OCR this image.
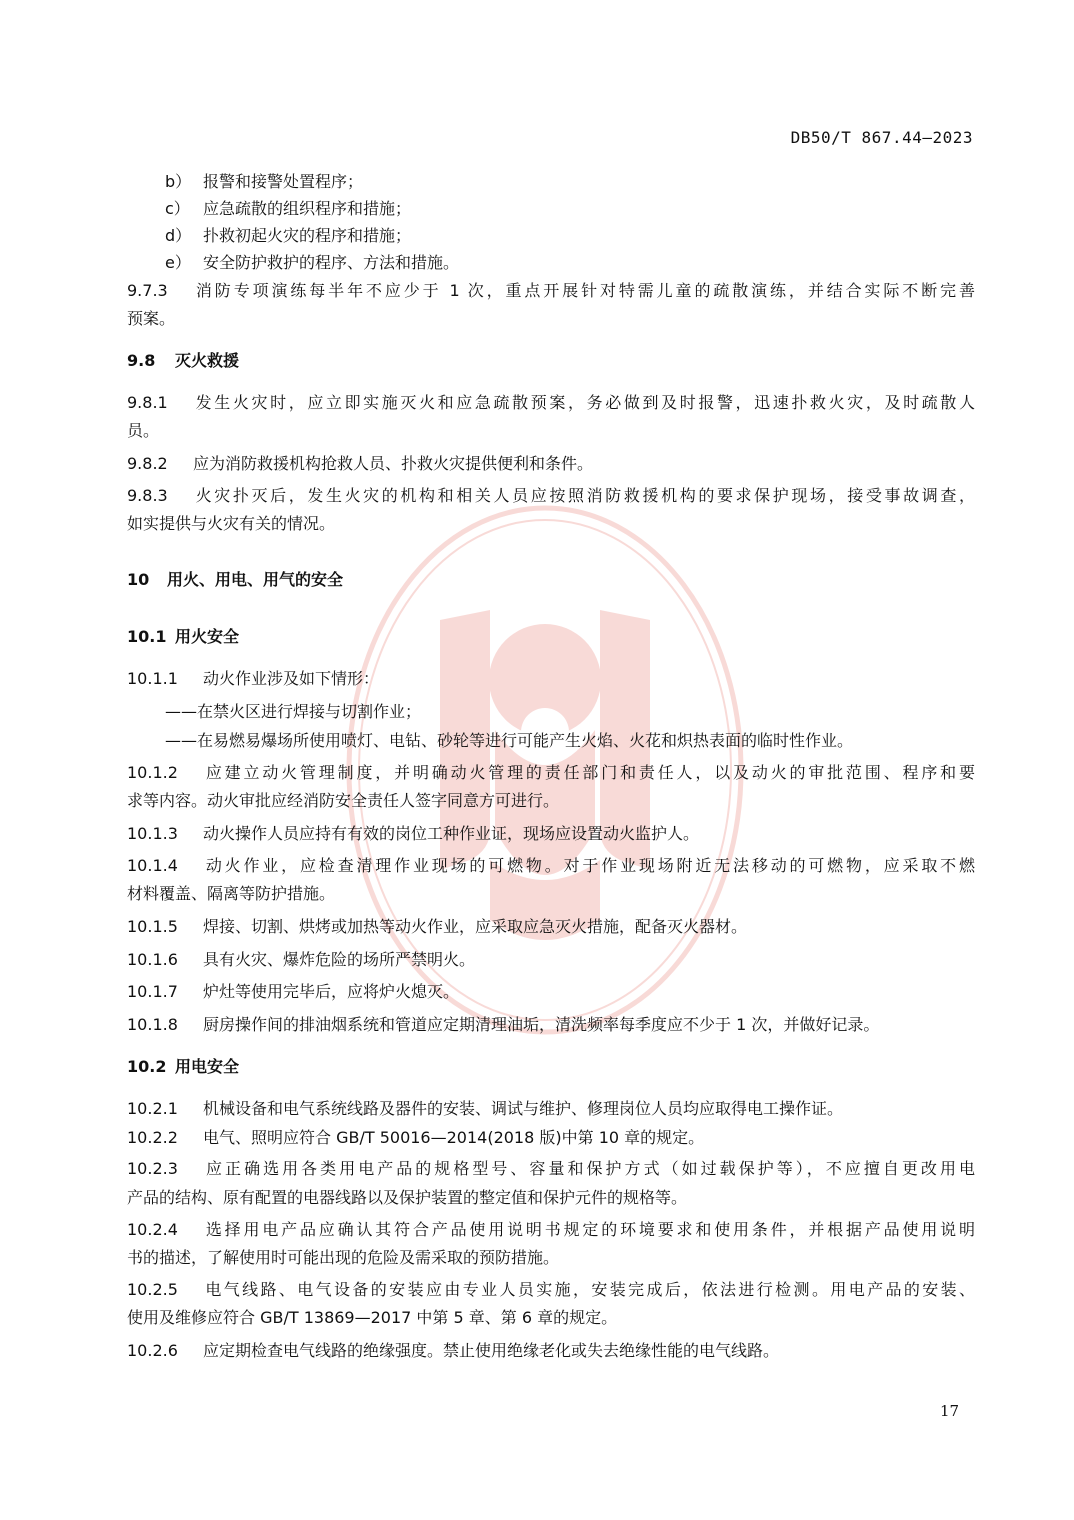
DB50/T 867.44—2023
b） 报警和接警处置程序；
c） 应急疏散的组织程序和措施；
d） 扑救初起火灾的程序和措施；
e） 安全防护救护的程序、方法和措施。
9.7.3 消防专项演练每半年不应少于 1 次，重点开展针对特需儿童的疏散演练，并结合实际不断完善
预案。
9.8 灭火救援
9.8.1 发生火灾时，应立即实施灭火和应急疏散预案，务必做到及时报警，迅速扑救火灾，及时疏散人
员。
9.8.2 应为消防救援机构抢救人员、扑救火灾提供便利和条件。
9.8.3 火灾扑灭后，发生火灾的机构和相关人员应按照消防救援机构的要求保护现场，接受事故调查，
如实提供与火灾有关的情况。
10 用火、用电、用气的安全
10.1 用火安全
10.1.1 动火作业涉及如下情形：
——在禁火区进行焊接与切割作业；
——在易燃易爆场所使用喷灯、电钻、砂轮等进行可能产生火焰、火花和炽热表面的临时性作业。
10.1.2 应建立动火管理制度，并明确动火管理的责任部门和责任人，以及动火的审批范围、程序和要
求等内容。动火审批应经消防安全责任人签字同意方可进行。
10.1.3 动火操作人员应持有有效的岗位工种作业证，现场应设置动火监护人。
10.1.4 动火作业，应检查清理作业现场的可燃物。对于作业现场附近无法移动的可燃物，应采取不燃
材料覆盖、隔离等防护措施。
10.1.5 焊接、切割、烘烤或加热等动火作业，应采取应急灭火措施，配备灭火器材。
10.1.6 具有火灾、爆炸危险的场所严禁明火。
10.1.7 炉灶等使用完毕后，应将炉火熄灭。
10.1.8 厨房操作间的排油烟系统和管道应定期清理油垢，清洗频率每季度应不少于 1 次，并做好记录。
10.2 用电安全
10.2.1 机械设备和电气系统线路及器件的安装、调试与维护、修理岗位人员均应取得电工操作证。
10.2.2 电气、照明应符合 GB/T 50016—2014(2018 版)中第 10 章的规定。
10.2.3 应正确选用各类用电产品的规格型号、容量和保护方式（如过载保护等），不应擅自更改用电
产品的结构、原有配置的电器线路以及保护装置的整定值和保护元件的规格等。
10.2.4 选择用电产品应确认其符合产品使用说明书规定的环境要求和使用条件，并根据产品使用说明
书的描述，了解使用时可能出现的危险及需采取的预防措施。
10.2.5 电气线路、电气设备的安装应由专业人员实施，安装完成后，依法进行检测。用电产品的安装、
使用及维修应符合 GB/T 13869—2017 中第 5 章、第 6 章的规定。
10.2.6 应定期检查电气线路的绝缘强度。禁止使用绝缘老化或失去绝缘性能的电气线路。
17
